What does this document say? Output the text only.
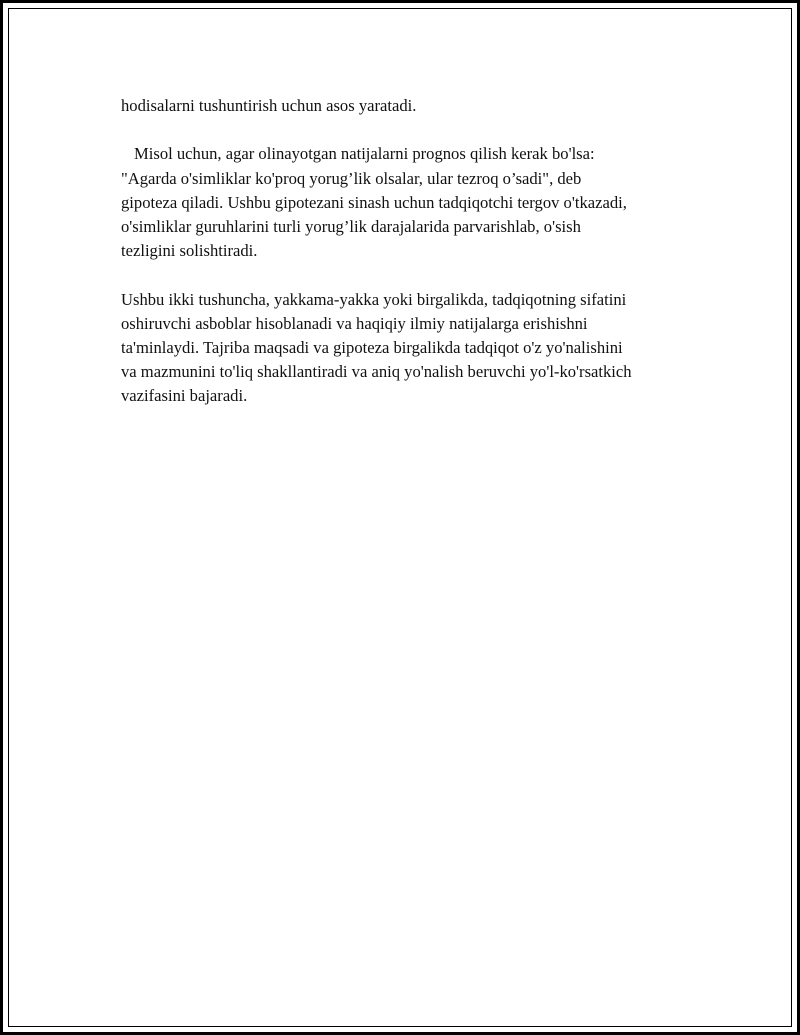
hodisalarni tushuntirish uchun asos yaratadi.

Misol uchun, agar olinayotgan natijalarni prognos qilish kerak bo'lsa:
"Agarda o'simliklar ko'proq yorug’lik olsalar, ular tezroq o’sadi", deb
gipoteza qiladi. Ushbu gipotezani sinash uchun tadqiqotchi tergov o'tkazadi,
o'simliklar guruhlarini turli yorug’lik darajalarida parvarishlab, o'sish
tezligini solishtiradi.

Ushbu ikki tushuncha, yakkama-yakka yoki birgalikda, tadqiqotning sifatini
oshiruvchi asboblar hisoblanadi va haqiqiy ilmiy natijalarga erishishni
ta'minlaydi. Tajriba maqsadi va gipoteza birgalikda tadqiqot o'z yo'nalishini
va mazmunini to'liq shakllantiradi va aniq yo'nalish beruvchi yo'l-ko'rsatkich
vazifasini bajaradi.
